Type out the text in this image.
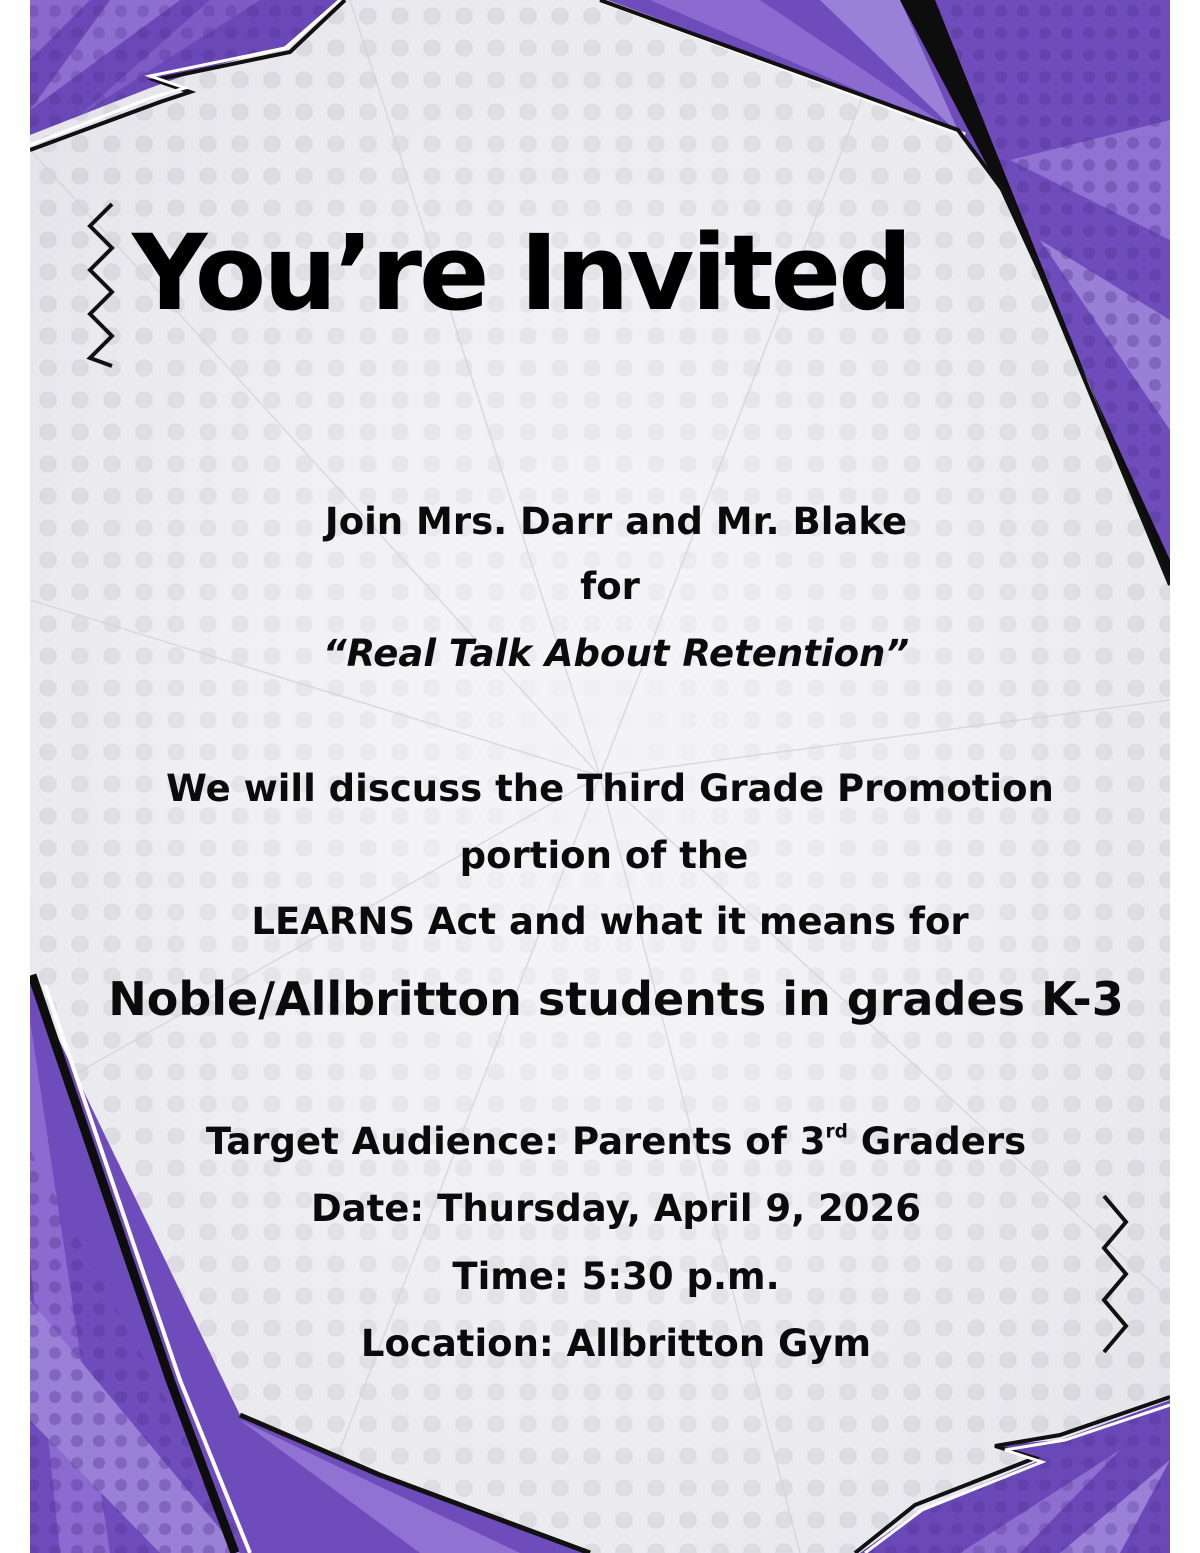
You’re Invited
Join Mrs. Darr and Mr. Blake
for
“Real Talk About Retention”
We will discuss the Third Grade Promotion
portion of the
LEARNS Act and what it means for
Noble/Allbritton students in grades K-3
Target Audience: Parents of 3rd Graders
Date: Thursday, April 9, 2026
Time: 5:30 p.m.
Location: Allbritton Gym
